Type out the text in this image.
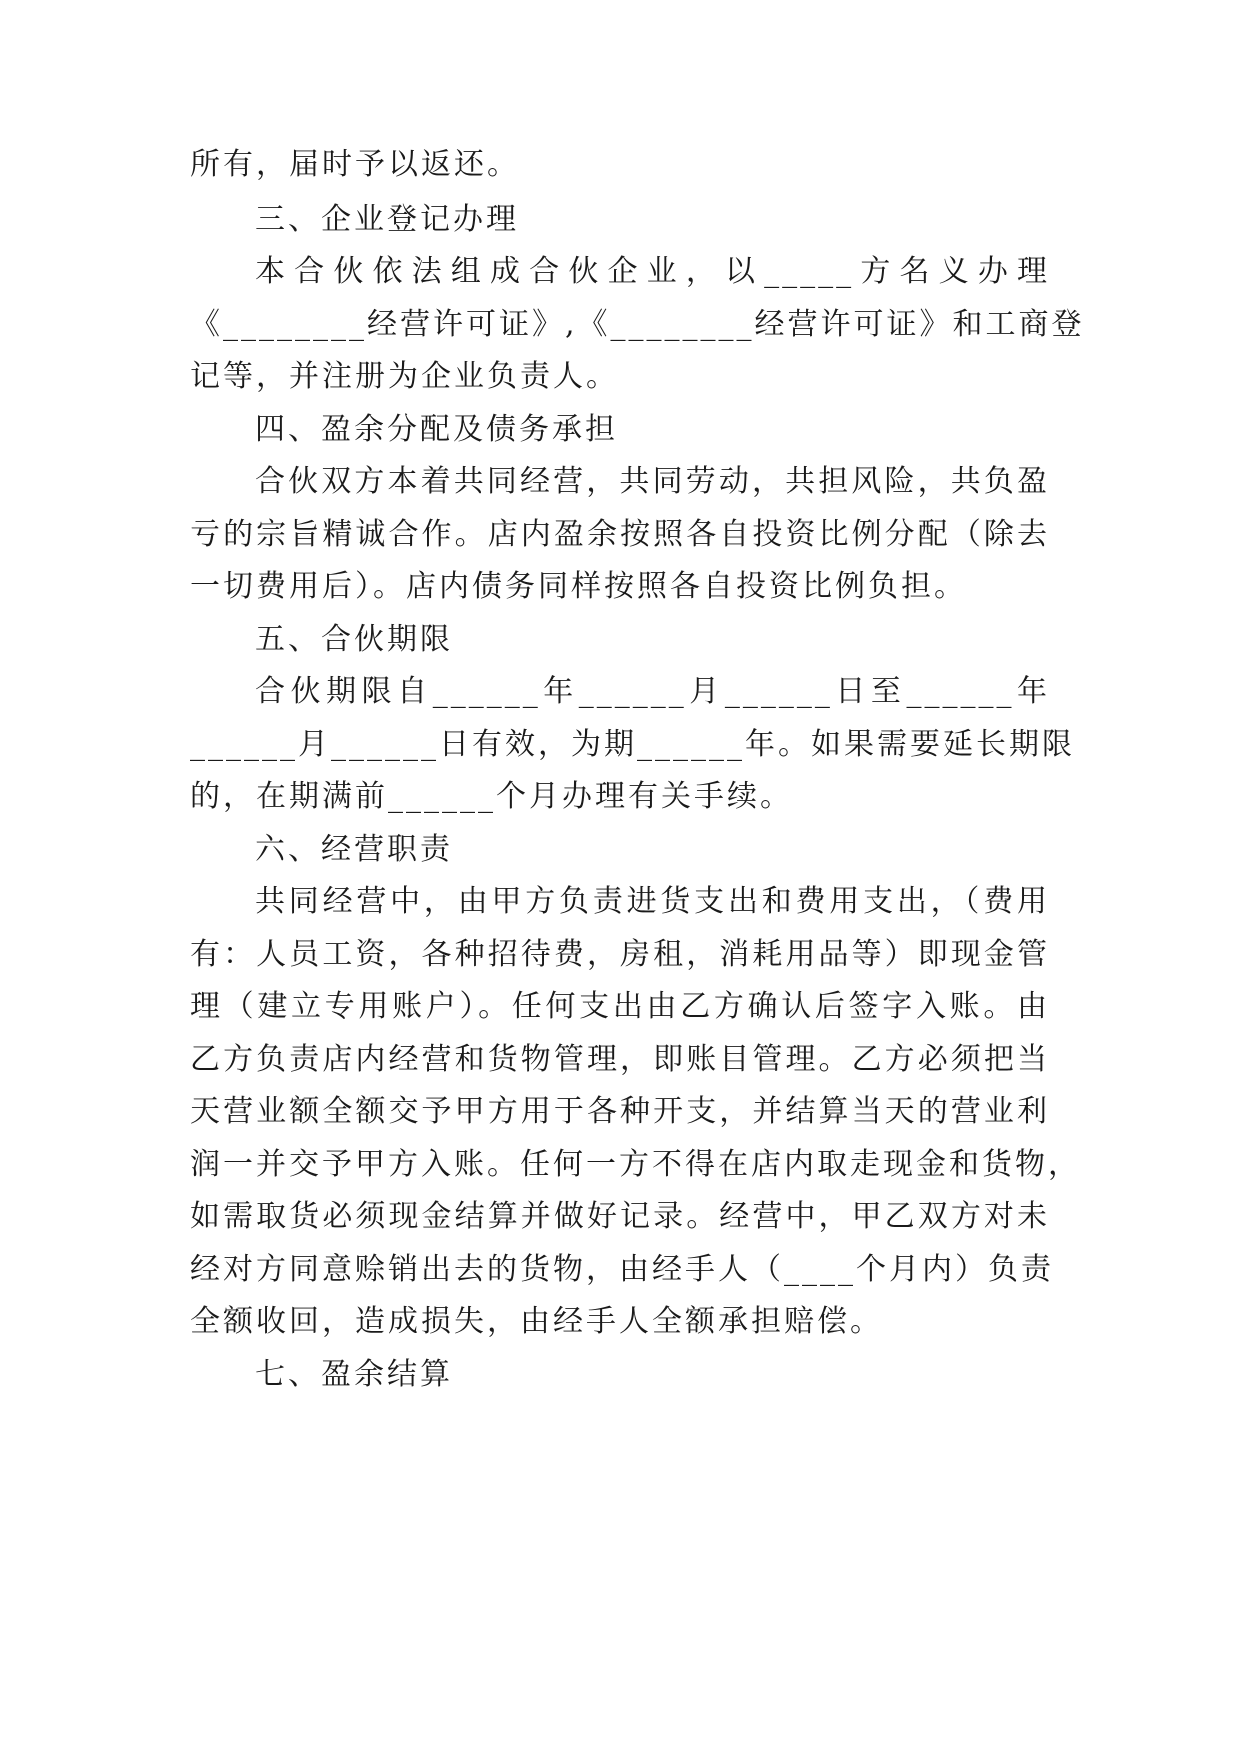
所有，届时予以返还。
三、企业登记办理
本合伙依法组成合伙企业，以_____方名义办理
《________经营许可证》,《________经营许可证》和工商登
记等，并注册为企业负责人。
四、盈余分配及债务承担
合伙双方本着共同经营，共同劳动，共担风险，共负盈
亏的宗旨精诚合作。店内盈余按照各自投资比例分配（除去
一切费用后）。店内债务同样按照各自投资比例负担。
五、合伙期限
合伙期限自______年______月______日至______年
______月______日有效，为期______年。如果需要延长期限
的，在期满前______个月办理有关手续。
六、经营职责
共同经营中，由甲方负责进货支出和费用支出，（费用
有：人员工资，各种招待费，房租，消耗用品等）即现金管
理（建立专用账户）。任何支出由乙方确认后签字入账。由
乙方负责店内经营和货物管理，即账目管理。乙方必须把当
天营业额全额交予甲方用于各种开支，并结算当天的营业利
润一并交予甲方入账。任何一方不得在店内取走现金和货物，
如需取货必须现金结算并做好记录。经营中，甲乙双方对未
经对方同意赊销出去的货物，由经手人（____个月内）负责
全额收回，造成损失，由经手人全额承担赔偿。
七、盈余结算
